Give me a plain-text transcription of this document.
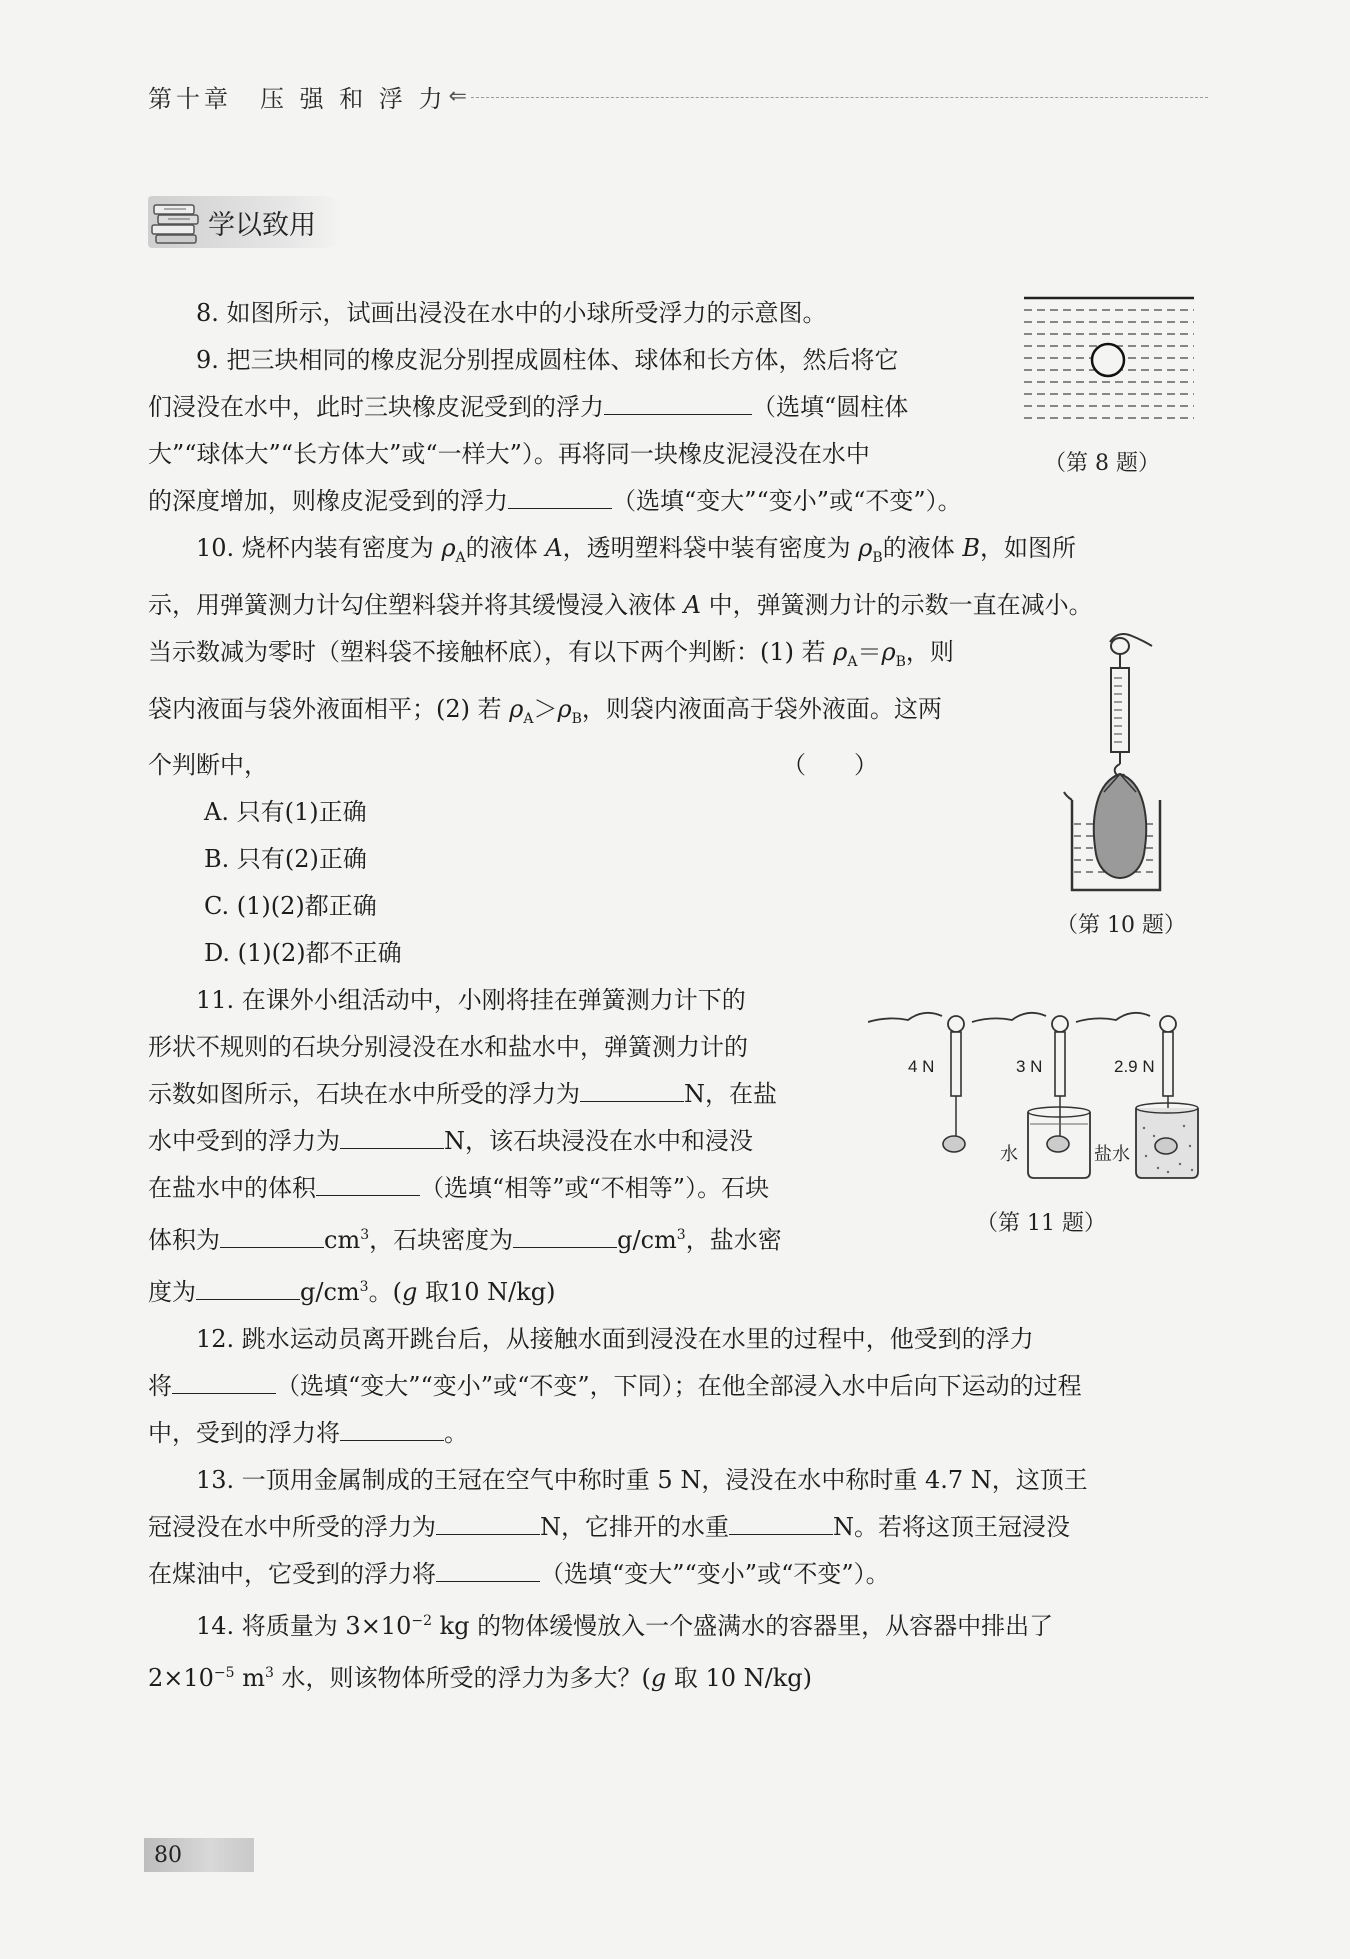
第十章　压 强 和 浮 力 ⇐
学以致用
（第 8 题）
（第 10 题）
4 N	3 N
水
2.9 N
盐水
（第 11 题）

8. 如图所示，试画出浸没在水中的小球所受浮力的示意图。

9. 把三块相同的橡皮泥分别捏成圆柱体、球体和长方体，然后将它

们浸没在水中，此时三块橡皮泥受到的浮力	（选填“圆柱体

大”“球体大”“长方体大”或“一样大”）。再将同一块橡皮泥浸没在水中

的深度增加，则橡皮泥受到的浮力	（选填“变大”“变小”或“不变”）。

10. 烧杯内装有密度为 $\rho_A$的液体 A，透明塑料袋中装有密度为 $\rho_B$的液体 B，如图所

示，用弹簧测力计勾住塑料袋并将其缓慢浸入液体 A 中，弹簧测力计的示数一直在减小。

当示数减为零时（塑料袋不接触杯底），有以下两个判断：(1) 若 $\rho_A=\rho_B$，则

袋内液面与袋外液面相平；(2) 若 $\rho_A>\rho_B$，则袋内液面高于袋外液面。这两

个判断中，	（　　）

A. 只有(1)正确

B. 只有(2)正确

C. (1)(2)都正确

D. (1)(2)都不正确

11. 在课外小组活动中，小刚将挂在弹簧测力计下的

形状不规则的石块分别浸没在水和盐水中，弹簧测力计的

示数如图所示，石块在水中所受的浮力为	N，在盐

水中受到的浮力为	N，该石块浸没在水中和浸没

在盐水中的体积	（选填“相等”或“不相等”）。石块

体积为	$cm^3$，石块密度为	$g/cm^3$，盐水密

度为	$g/cm^3$。(g 取10 N/kg)

12. 跳水运动员离开跳台后，从接触水面到浸没在水里的过程中，他受到的浮力

将	（选填“变大”“变小”或“不变”，下同）；在他全部浸入水中后向下运动的过程

中，受到的浮力将	。

13. 一顶用金属制成的王冠在空气中称时重 5 N，浸没在水中称时重 4.7 N，这顶王

冠浸没在水中所受的浮力为	N，它排开的水重	N。若将这顶王冠浸没

在煤油中，它受到的浮力将	（选填“变大”“变小”或“不变”）。

14. 将质量为 $3\times 10^{-2}$ kg 的物体缓慢放入一个盛满水的容器里，从容器中排出了

$2\times 10^{-5}$ $m^3$ 水，则该物体所受的浮力为多大？(g 取 10 N/kg)

80
